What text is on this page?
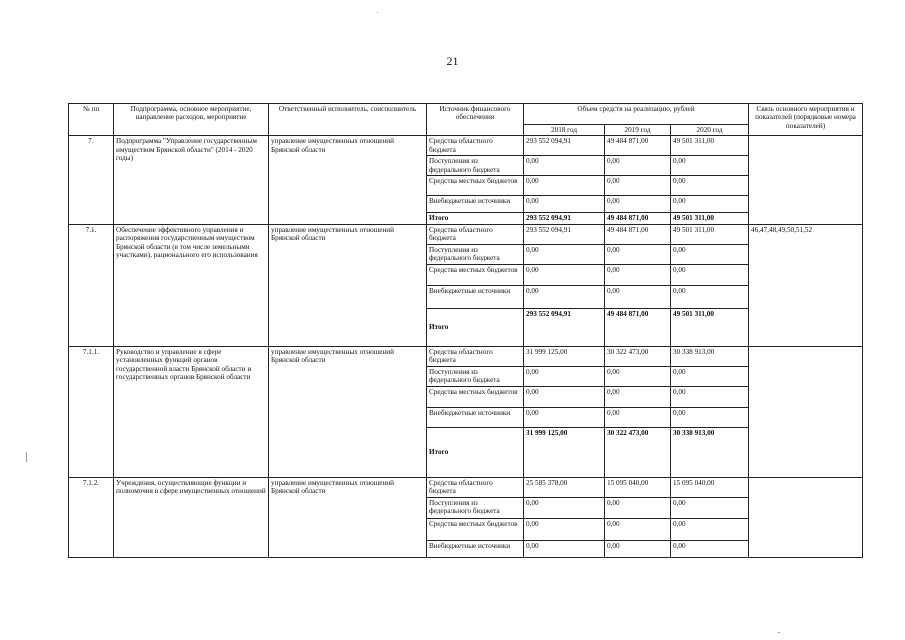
21
№ пп	Подпрограмма, основное мероприятие, направление расходов, мероприятие	Ответственный исполнитель, соисполнитель	Источник финансового обеспечения	Объем средств на реализацию, рублей			Связь основного мероприятия и показателей (порядковые номера показателей)
				2018 год	2019 год	2020 год	
7.	Подпрограмма "Управление государственным имуществом Брянской области" (2014 - 2020 годы)	управление имущественных отношений Брянской области	Средства областного бюджета	293 552 094,91	49 484 871,00	49 501 311,00	
			Поступления из федерального бюджета	0,00	0,00	0,00	
			Средства местных бюджетов	0,00	0,00	0,00	
			Внебюджетные источники	0,00	0,00	0,00	
			Итого	293 552 094,91	49 484 871,00	49 501 311,00	
7.1.	Обеспечение эффективного управления и распоряжения государственным имуществом Брянской области (в том числе земельными участками), рационального его использования	управление имущественных отношений Брянской области	Средства областного бюджета	293 552 094,91	49 484 871,00	49 501 311,00	46,47,48,49,50,51,52
			Поступления из федерального бюджета	0,00	0,00	0,00	
			Средства местных бюджетов	0,00	0,00	0,00	
			Внебюджетные источники	0,00	0,00	0,00	
			Итого	293 552 094,91	49 484 871,00	49 501 311,00	
7.1.1.	Руководство и управление в сфере установленных функций органов государственной власти Брянской области и государственных органов Брянской области	управление имущественных отношений Брянской области	Средства областного бюджета	31 999 125,00	30 322 473,00	30 338 913,00	
			Поступления из федерального бюджета	0,00	0,00	0,00	
			Средства местных бюджетов	0,00	0,00	0,00	
			Внебюджетные источники	0,00	0,00	0,00	
			Итого	31 999 125,00	30 322 473,00	30 338 913,00	
7.1.2.	Учреждения, осуществляющие функции и полномочия в сфере имущественных отношений	управление имущественных отношений Брянской области	Средства областного бюджета	25 585 378,00	15 095 040,00	15 095 040,00	
			Поступления из федерального бюджета	0,00	0,00	0,00	
			Средства местных бюджетов	0,00	0,00	0,00	
			Внебюджетные источники	0,00	0,00	0,00	
